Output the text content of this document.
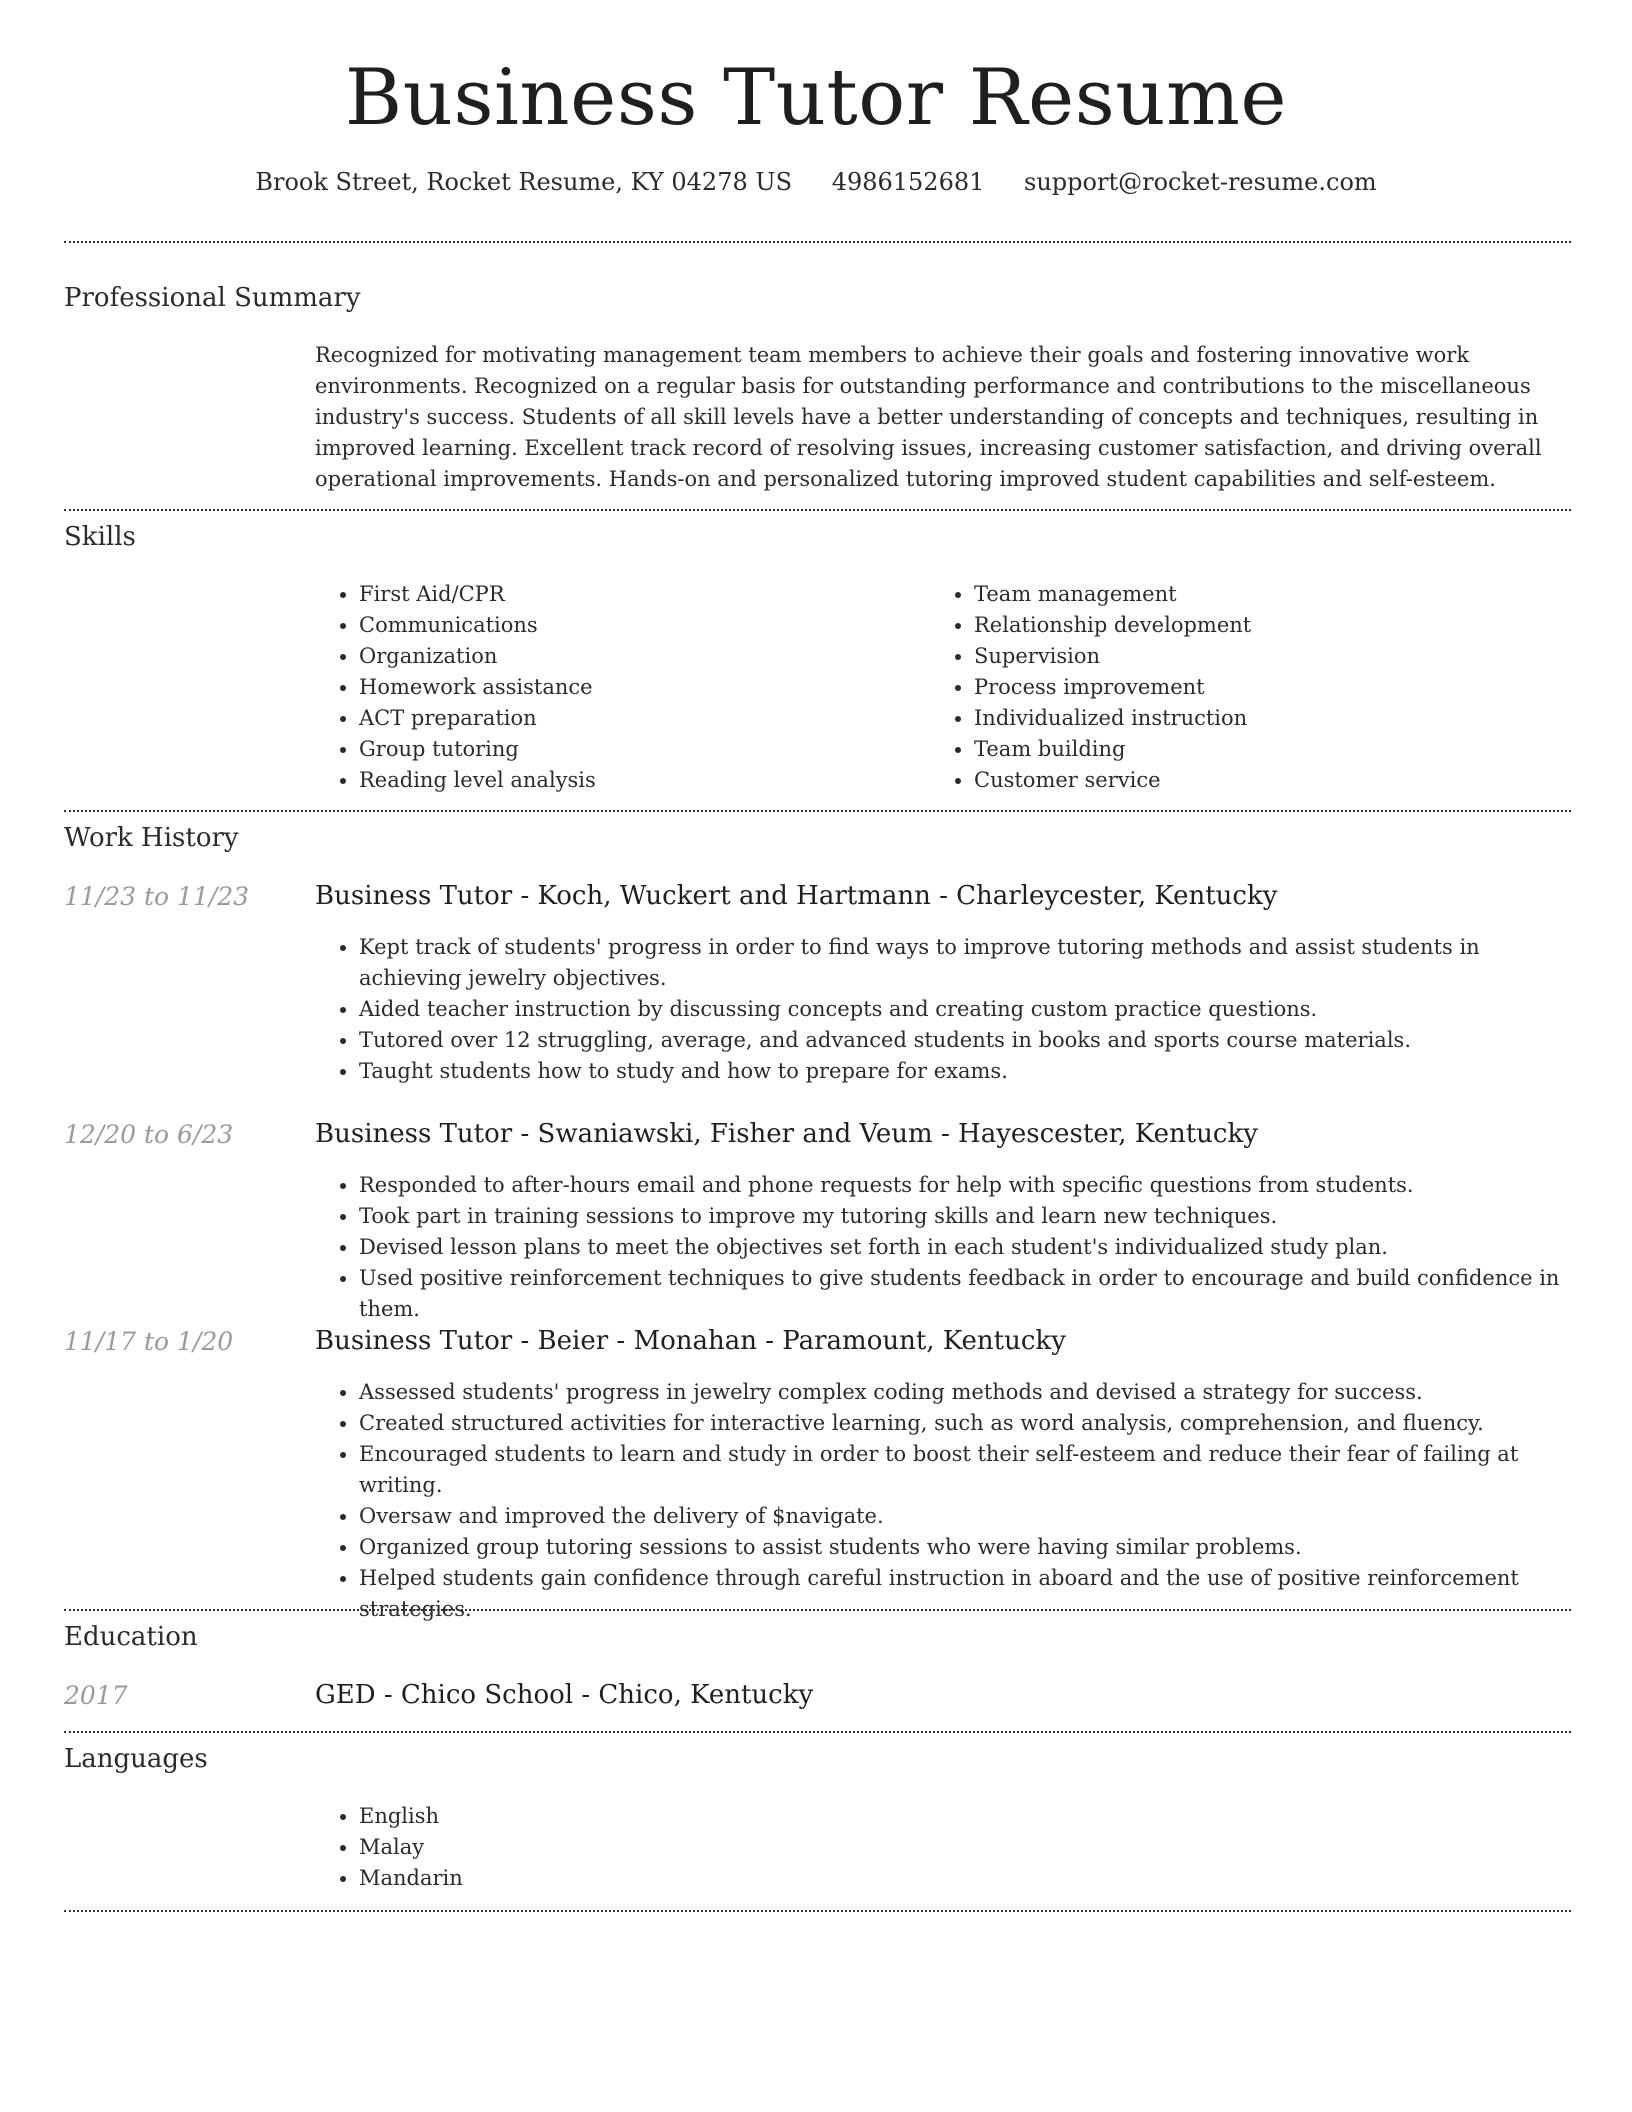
Business Tutor Resume
Brook Street, Rocket Resume, KY 04278 US 4986152681 support@rocket-resume.com
Professional Summary
Recognized for motivating management team members to achieve their goals and fostering innovative work environments. Recognized on a regular basis for outstanding performance and contributions to the miscellaneous industry's success. Students of all skill levels have a better understanding of concepts and techniques, resulting in improved learning. Excellent track record of resolving issues, increasing customer satisfaction, and driving overall operational improvements. Hands-on and personalized tutoring improved student capabilities and self-esteem.
Skills
• First Aid/CPR
• Communications
• Organization
• Homework assistance
• ACT preparation
• Group tutoring
• Reading level analysis
• Team management
• Relationship development
• Supervision
• Process improvement
• Individualized instruction
• Team building
• Customer service
Work History
11/23 to 11/23	Business Tutor - Koch, Wuckert and Hartmann - Charleycester, Kentucky
• Kept track of students' progress in order to find ways to improve tutoring methods and assist students in achieving jewelry objectives.
• Aided teacher instruction by discussing concepts and creating custom practice questions.
• Tutored over 12 struggling, average, and advanced students in books and sports course materials.
• Taught students how to study and how to prepare for exams.
12/20 to 6/23	Business Tutor - Swaniawski, Fisher and Veum - Hayescester, Kentucky
• Responded to after-hours email and phone requests for help with specific questions from students.
• Took part in training sessions to improve my tutoring skills and learn new techniques.
• Devised lesson plans to meet the objectives set forth in each student's individualized study plan.
• Used positive reinforcement techniques to give students feedback in order to encourage and build confidence in them.
11/17 to 1/20	Business Tutor - Beier - Monahan - Paramount, Kentucky
• Assessed students' progress in jewelry complex coding methods and devised a strategy for success.
• Created structured activities for interactive learning, such as word analysis, comprehension, and fluency.
• Encouraged students to learn and study in order to boost their self-esteem and reduce their fear of failing at writing.
• Oversaw and improved the delivery of $navigate.
• Organized group tutoring sessions to assist students who were having similar problems.
• Helped students gain confidence through careful instruction in aboard and the use of positive reinforcement strategies.
Education
2017	GED - Chico School - Chico, Kentucky
Languages
• English
• Malay
• Mandarin
